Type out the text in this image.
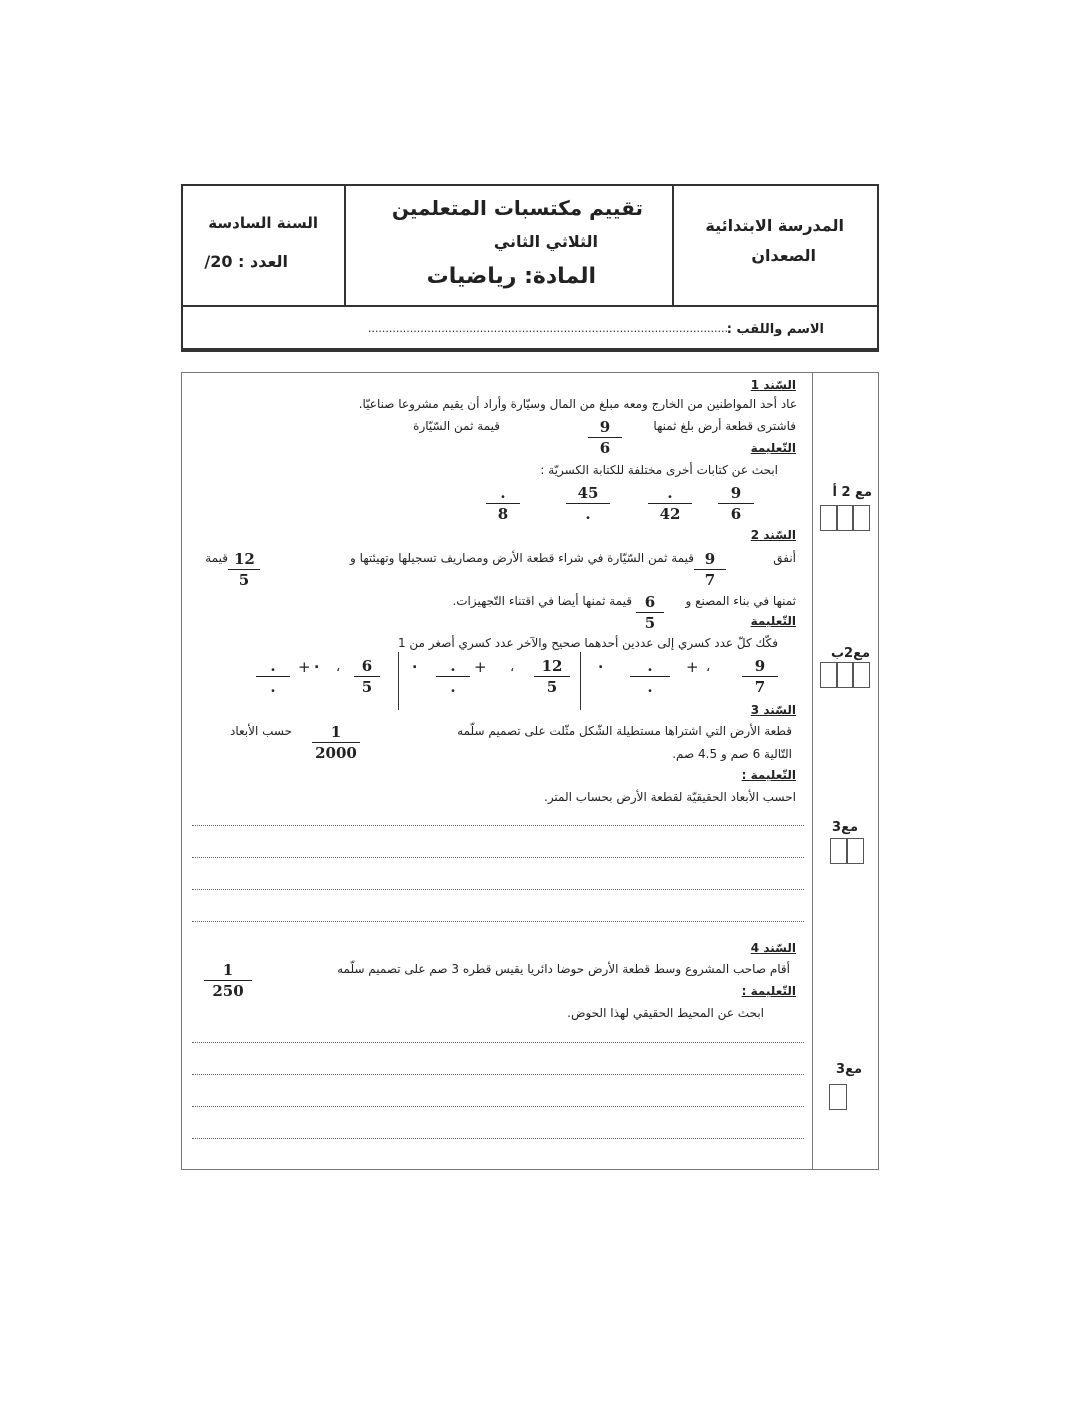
المدرسة الابتدائية
الصعدان
تقييم مكتسبات المتعلمين
الثلاثي الثاني
المادة: رياضيات
السنة السادسة
العدد : 20/
الاسم واللقب :
.......................................................................................................
السّند 1
عاد أحد المواطنين من الخارج ومعه مبلغ من المال وسيّارة وأراد أن يقيم مشروعا صناعيّا.
فاشترى قطعة أرض بلغ ثمنها
$\frac{9}{6}$
قيمة ثمن السّيّارة
التّعليمة
ابحث عن كتابات أخرى مختلفة للكتابة الكسريّة :
$\frac{9}{6}$
.
42
45
.
.
8
مع 2 أ
السّند 2
أنفق
$\frac{9}{7}$
قيمة ثمن السّيّارة في شراء قطعة الأرض ومصاريف تسجيلها وتهيئتها و
$\frac{12}{5}$
قيمة
ثمنها في بناء المصنع و
$\frac{6}{5}$
قيمة ثمنها أيضا في اقتناء التّجهيزات.
التّعليمة
فكّك كلّ عدد كسري إلى عددين أحدهما صحيح والآخر عدد كسري أصغر من 1
$\frac{9}{7}$
،
+
.
.
.
$\frac{12}{5}$
،
+
.
.
.
$\frac{6}{5}$
،
+
.
.
.
مع2ب
السّند 3
قطعة الأرض التي اشتراها مستطيلة الشّكل مثّلت على تصميم سلّمه
$\frac{1}{2000}$
حسب الأبعاد
التّالية 6 صم و 4.5 صم.
التّعليمة :
احسب الأبعاد الحقيقيّة لقطعة الأرض بحساب المتر.
مع3
السّند 4
أقام صاحب المشروع وسط قطعة الأرض حوضا دائريا يقيس قطره 3 صم على تصميم سلّمه
$\frac{1}{250}$	التّعليمة :
ابحث عن المحيط الحقيقي لهذا الحوض.
مع3
